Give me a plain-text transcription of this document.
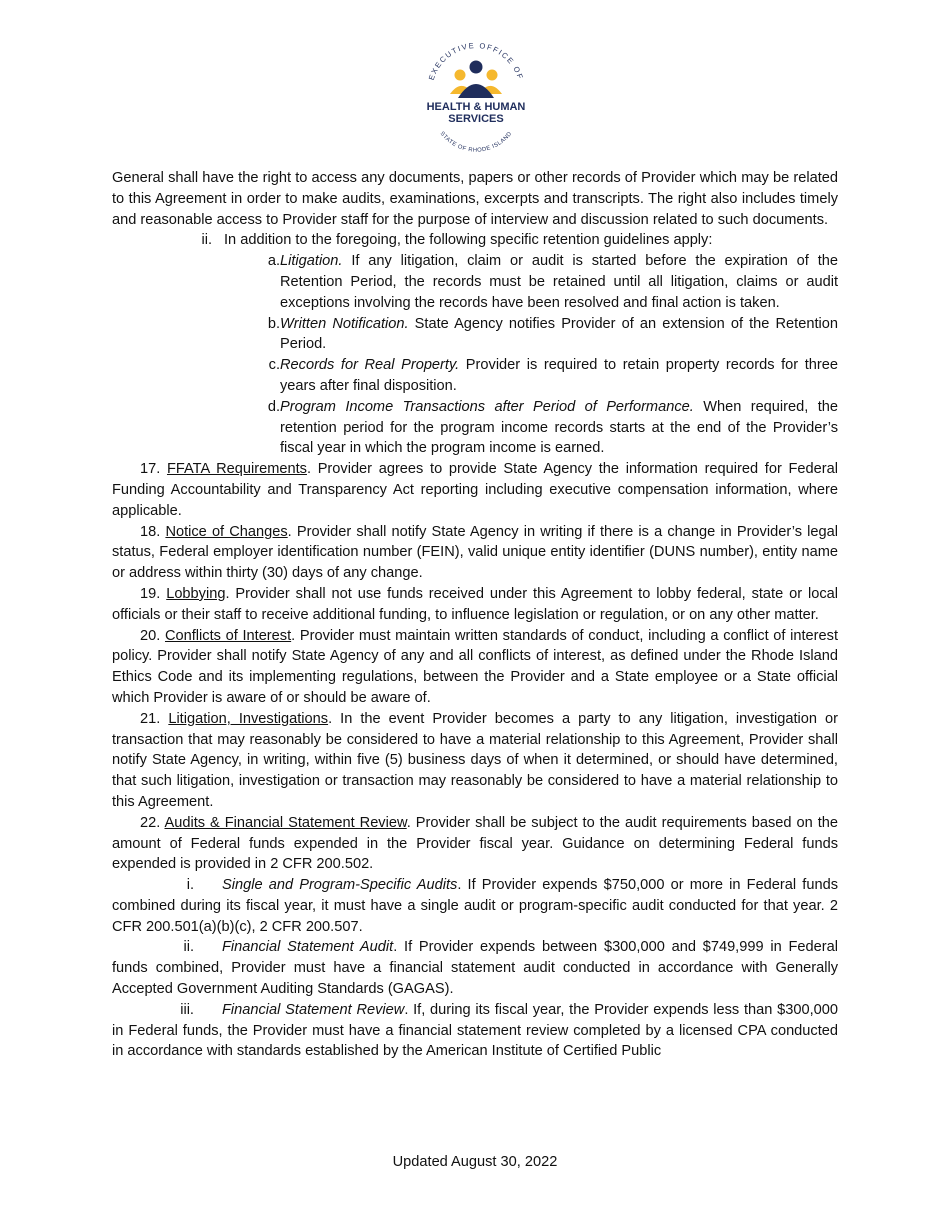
EXECUTIVE OFFICE OF
HEALTH & HUMAN
SERVICES
STATE OF RHODE ISLAND

General shall have the right to access any documents, papers or other records of Provider which may be related to this Agreement in order to make audits, examinations, excerpts and transcripts. The right also includes timely and reasonable access to Provider staff for the purpose of interview and discussion related to such documents.

ii. In addition to the foregoing, the following specific retention guidelines apply:

a. Litigation. If any litigation, claim or audit is started before the expiration of the Retention Period, the records must be retained until all litigation, claims or audit exceptions involving the records have been resolved and final action is taken.

b. Written Notification. State Agency notifies Provider of an extension of the Retention Period.

c. Records for Real Property. Provider is required to retain property records for three years after final disposition.

d. Program Income Transactions after Period of Performance. When required, the retention period for the program income records starts at the end of the Provider’s fiscal year in which the program income is earned.

17. FFATA Requirements. Provider agrees to provide State Agency the information required for Federal Funding Accountability and Transparency Act reporting including executive compensation information, where applicable.

18. Notice of Changes. Provider shall notify State Agency in writing if there is a change in Provider’s legal status, Federal employer identification number (FEIN), valid unique entity identifier (DUNS number), entity name or address within thirty (30) days of any change.

19. Lobbying. Provider shall not use funds received under this Agreement to lobby federal, state or local officials or their staff to receive additional funding, to influence legislation or regulation, or on any other matter.

20. Conflicts of Interest. Provider must maintain written standards of conduct, including a conflict of interest policy. Provider shall notify State Agency of any and all conflicts of interest, as defined under the Rhode Island Ethics Code and its implementing regulations, between the Provider and a State employee or a State official which Provider is aware of or should be aware of.

21. Litigation, Investigations. In the event Provider becomes a party to any litigation, investigation or transaction that may reasonably be considered to have a material relationship to this Agreement, Provider shall notify State Agency, in writing, within five (5) business days of when it determined, or should have determined, that such litigation, investigation or transaction may reasonably be considered to have a material relationship to this Agreement.

22. Audits & Financial Statement Review. Provider shall be subject to the audit requirements based on the amount of Federal funds expended in the Provider fiscal year. Guidance on determining Federal funds expended is provided in 2 CFR 200.502.

i. Single and Program-Specific Audits. If Provider expends $750,000 or more in Federal funds combined during its fiscal year, it must have a single audit or program-specific audit conducted for that year. 2 CFR 200.501(a)(b)(c), 2 CFR 200.507.

ii. Financial Statement Audit. If Provider expends between $300,000 and $749,999 in Federal funds combined, Provider must have a financial statement audit conducted in accordance with Generally Accepted Government Auditing Standards (GAGAS).

iii. Financial Statement Review. If, during its fiscal year, the Provider expends less than $300,000 in Federal funds, the Provider must have a financial statement review completed by a licensed CPA conducted in accordance with standards established by the American Institute of Certified Public

Updated August 30, 2022
